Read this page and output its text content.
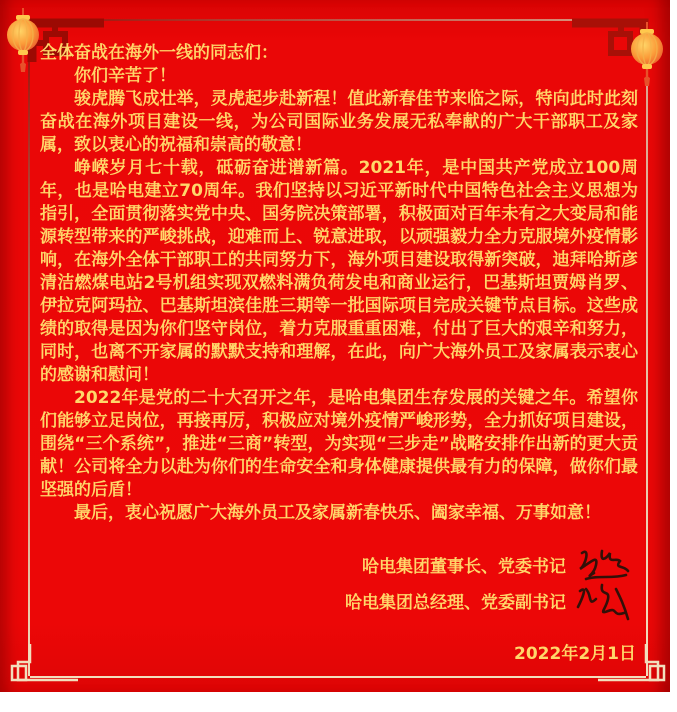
全体奋战在海外一线的同志们：

你们辛苦了！

骏虎腾飞成壮举，灵虎起步赴新程！值此新春佳节来临之际，特向此时此刻奋战在海外项目建设一线，为公司国际业务发展无私奉献的广大干部职工及家属，致以衷心的祝福和崇高的敬意！

峥嵘岁月七十载，砥砺奋进谱新篇。2021年，是中国共产党成立100周年，也是哈电建立70周年。我们坚持以习近平新时代中国特色社会主义思想为指引，全面贯彻落实党中央、国务院决策部署，积极面对百年未有之大变局和能源转型带来的严峻挑战，迎难而上、锐意进取，以顽强毅力全力克服境外疫情影响，在海外全体干部职工的共同努力下，海外项目建设取得新突破，迪拜哈斯彦清洁燃煤电站2号机组实现双燃料满负荷发电和商业运行，巴基斯坦贾姆肖罗、伊拉克阿玛拉、巴基斯坦滨佳胜三期等一批国际项目完成关键节点目标。这些成绩的取得是因为你们坚守岗位，着力克服重重困难，付出了巨大的艰辛和努力，同时，也离不开家属的默默支持和理解，在此，向广大海外员工及家属表示衷心的感谢和慰问！

2022年是党的二十大召开之年，是哈电集团生存发展的关键之年。希望你们能够立足岗位，再接再厉，积极应对境外疫情严峻形势，全力抓好项目建设，围绕“三个系统”，推进“三商”转型，为实现“三步走”战略安排作出新的更大贡献！公司将全力以赴为你们的生命安全和身体健康提供最有力的保障，做你们最坚强的后盾！

最后，衷心祝愿广大海外员工及家属新春快乐、阖家幸福、万事如意！

哈电集团董事长、党委书记
哈电集团总经理、党委副书记

2022年2月1日
